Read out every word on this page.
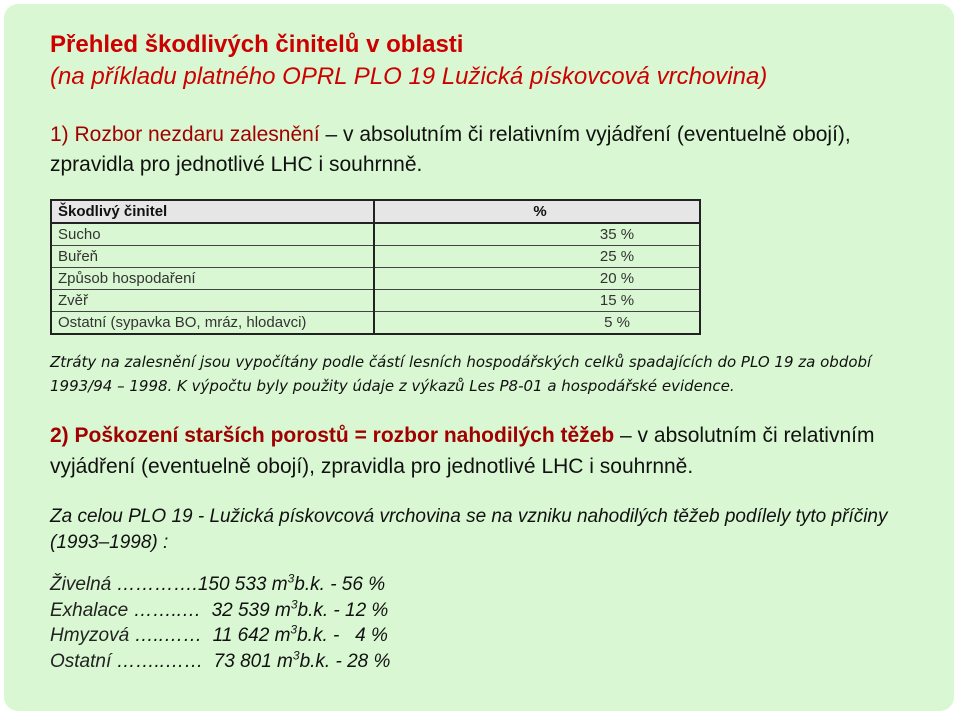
Přehled škodlivých činitelů v oblasti
(na příkladu platného OPRL PLO 19 Lužická pískovcová vrchovina)
1) Rozbor nezdaru zalesnění – v absolutním či relativním vyjádření (eventuelně obojí), zpravidla pro jednotlivé LHC i souhrnně.
Škodlivý činitel	%
Sucho	35 %
Buřeň	25 %
Způsob hospodaření	20 %
Zvěř	15 %
Ostatní (sypavka BO, mráz, hlodavci)	5 %
Ztráty na zalesnění jsou vypočítány podle částí lesních hospodářských celků spadajících do PLO 19 za období 1993/94 – 1998. K výpočtu byly použity údaje z výkazů Les P8-01 a hospodářské evidence.
2) Poškození starších porostů = rozbor nahodilých těžeb – v absolutním či relativním vyjádření (eventuelně obojí), zpravidla pro jednotlivé LHC i souhrnně.
Za celou PLO 19 - Lužická pískovcová vrchovina se na vzniku nahodilých těžeb podílely tyto příčiny (1993–1998) :
Živelná ………….150 533 $m^3b.k$. - 56 %
Exhalace ……..…  32 539 $m^3b.k$. - 12 %
Hmyzová …..……  11 642 $m^3b.k$. -   4 %
Ostatní ……..……  73 801 $m^3b.k$. - 28 %
